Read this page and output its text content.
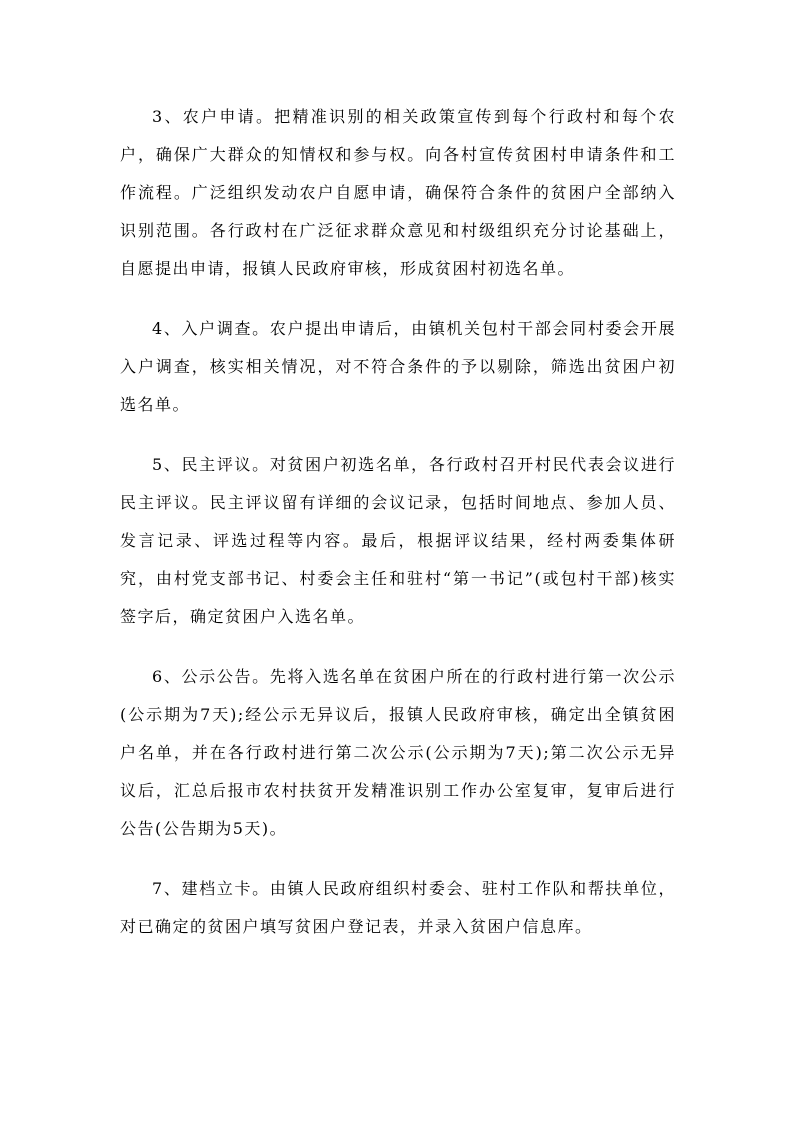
3、农户申请。把精准识别的相关政策宣传到每个行政村和每个农户，确保广大群众的知情权和参与权。向各村宣传贫困村申请条件和工作流程。广泛组织发动农户自愿申请，确保符合条件的贫困户全部纳入识别范围。各行政村在广泛征求群众意见和村级组织充分讨论基础上，自愿提出申请，报镇人民政府审核，形成贫困村初选名单。

4、入户调查。农户提出申请后，由镇机关包村干部会同村委会开展入户调查，核实相关情况，对不符合条件的予以剔除，筛选出贫困户初选名单。

5、民主评议。对贫困户初选名单，各行政村召开村民代表会议进行民主评议。民主评议留有详细的会议记录，包括时间地点、参加人员、发言记录、评选过程等内容。最后，根据评议结果，经村两委集体研究，由村党支部书记、村委会主任和驻村“第一书记”(或包村干部)核实签字后，确定贫困户入选名单。

6、公示公告。先将入选名单在贫困户所在的行政村进行第一次公示(公示期为7天);经公示无异议后，报镇人民政府审核，确定出全镇贫困户名单，并在各行政村进行第二次公示(公示期为7天);第二次公示无异议后，汇总后报市农村扶贫开发精准识别工作办公室复审，复审后进行公告(公告期为5天)。

7、建档立卡。由镇人民政府组织村委会、驻村工作队和帮扶单位，对已确定的贫困户填写贫困户登记表，并录入贫困户信息库。
